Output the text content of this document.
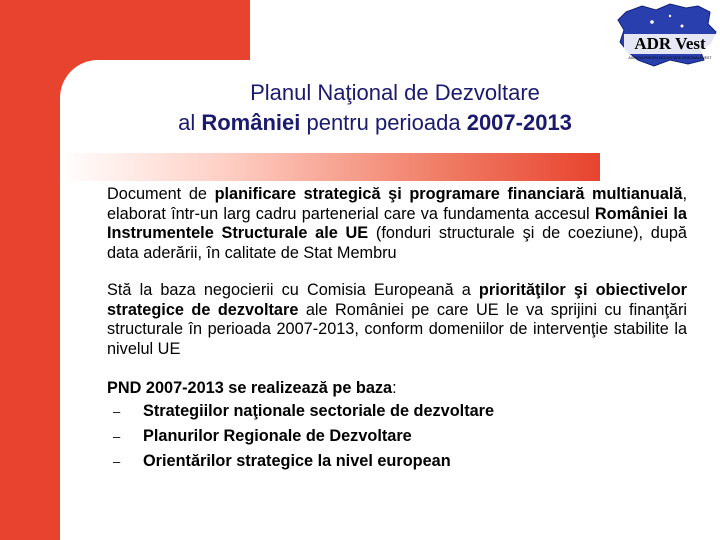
ADR Vest
AGENTIA PENTRU DEZVOLTARE REGIONALA VEST
Planul Naţional de Dezvoltare
al României pentru perioada 2007-2013

Document de planificare strategică şi programare financiară multianuală, elaborat într-un larg cadru partenerial care va fundamenta accesul României la Instrumentele Structurale ale UE (fonduri structurale şi de coeziune), după data aderării, în calitate de Stat Membru

Stă la baza negocierii cu Comisia Europeană a priorităţilor şi obiectivelor strategice de dezvoltare ale României pe care UE le va sprijini cu finanţări structurale în perioada 2007-2013, conform domeniilor de intervenţie stabilite la nivelul UE

PND 2007-2013 se realizează pe baza:
– Strategiilor naţionale sectoriale de dezvoltare
– Planurilor Regionale de Dezvoltare
– Orientărilor strategice la nivel european
